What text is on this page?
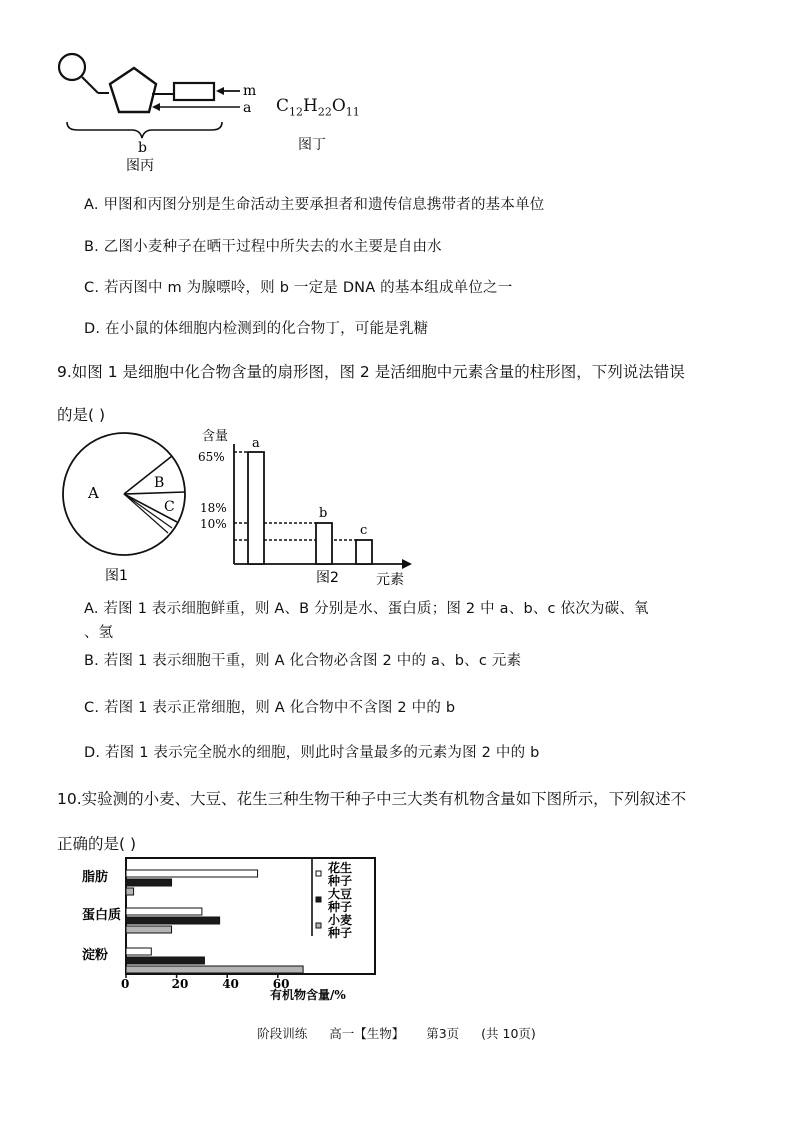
m
a
b
图丙
$C_{12}H_{22}O_{11}$
图丁
A. 甲图和丙图分别是生命活动主要承担者和遗传信息携带者的基本单位
B. 乙图小麦种子在晒干过程中所失去的水主要是自由水
C. 若丙图中 m 为腺嘌呤，则 b 一定是 DNA 的基本组成单位之一
D. 在小鼠的体细胞内检测到的化合物丁，可能是乳糖
9.如图 1 是细胞中化合物含量的扇形图，图 2 是活细胞中元素含量的柱形图，下列说法错误
的是( )
A
B
C
图1
含量
65%
18%
10%
a
b
c
图2	元素
A. 若图 1 表示细胞鲜重，则 A、B 分别是水、蛋白质；图 2 中 a、b、c 依次为碳、氧
、氢
B. 若图 1 表示细胞干重，则 A 化合物必含图 2 中的 a、b、c 元素
C. 若图 1 表示正常细胞，则 A 化合物中不含图 2 中的 b
D. 若图 1 表示完全脱水的细胞，则此时含量最多的元素为图 2 中的 b
10.实验测的小麦、大豆、花生三种生物干种子中三大类有机物含量如下图所示，下列叙述不
正确的是( )
脂肪
蛋白质
淀粉
花生
种子
大豆
种子
小麦
种子
0	20	40	60
有机物含量/%
阶段训练 高一【生物】 第3页 (共 10页)
